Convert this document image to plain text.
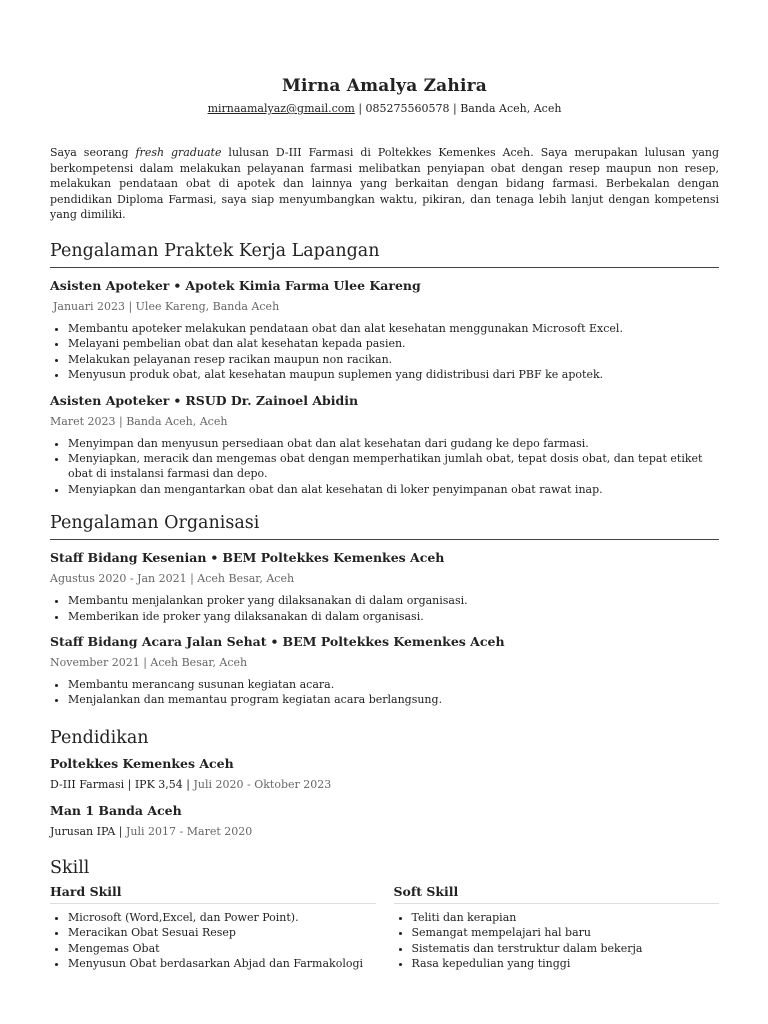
Mirna Amalya Zahira
mirnaamalyaz@gmail.com | 085275560578 | Banda Aceh, Aceh
Saya seorang fresh graduate lulusan D-III Farmasi di Poltekkes Kemenkes Aceh. Saya merupakan lulusan yang berkompetensi dalam melakukan pelayanan farmasi melibatkan penyiapan obat dengan resep maupun non resep, melakukan pendataan obat di apotek dan lainnya yang berkaitan dengan bidang farmasi. Berbekalan dengan pendidikan Diploma Farmasi, saya siap menyumbangkan waktu, pikiran, dan tenaga lebih lanjut dengan kompetensi yang dimiliki.
Pengalaman Praktek Kerja Lapangan
Asisten Apoteker • Apotek Kimia Farma Ulee Kareng
Januari 2023 | Ulee Kareng, Banda Aceh
• Membantu apoteker melakukan pendataan obat dan alat kesehatan menggunakan Microsoft Excel.
• Melayani pembelian obat dan alat kesehatan kepada pasien.
• Melakukan pelayanan resep racikan maupun non racikan.
• Menyusun produk obat, alat kesehatan maupun suplemen yang didistribusi dari PBF ke apotek.
Asisten Apoteker • RSUD Dr. Zainoel Abidin
Maret 2023 | Banda Aceh, Aceh
• Menyimpan dan menyusun persediaan obat dan alat kesehatan dari gudang ke depo farmasi.
• Menyiapkan, meracik dan mengemas obat dengan memperhatikan jumlah obat, tepat dosis obat, dan tepat etiket obat di instalansi farmasi dan depo.
• Menyiapkan dan mengantarkan obat dan alat kesehatan di loker penyimpanan obat rawat inap.
Pengalaman Organisasi
Staff Bidang Kesenian • BEM Poltekkes Kemenkes Aceh
Agustus 2020 - Jan 2021 | Aceh Besar, Aceh
• Membantu menjalankan proker yang dilaksanakan di dalam organisasi.
• Memberikan ide proker yang dilaksanakan di dalam organisasi.
Staff Bidang Acara Jalan Sehat • BEM Poltekkes Kemenkes Aceh
November 2021 | Aceh Besar, Aceh
• Membantu merancang susunan kegiatan acara.
• Menjalankan dan memantau program kegiatan acara berlangsung.
Pendidikan
Poltekkes Kemenkes Aceh
D-III Farmasi | IPK 3,54 | Juli 2020 - Oktober 2023
Man 1 Banda Aceh
Jurusan IPA | Juli 2017 - Maret 2020
Skill
Hard Skill
• Microsoft (Word,Excel, dan Power Point).
• Meracikan Obat Sesuai Resep
• Mengemas Obat
• Menyusun Obat berdasarkan Abjad dan Farmakologi
Soft Skill
• Teliti dan kerapian
• Semangat mempelajari hal baru
• Sistematis dan terstruktur dalam bekerja
• Rasa kepedulian yang tinggi
